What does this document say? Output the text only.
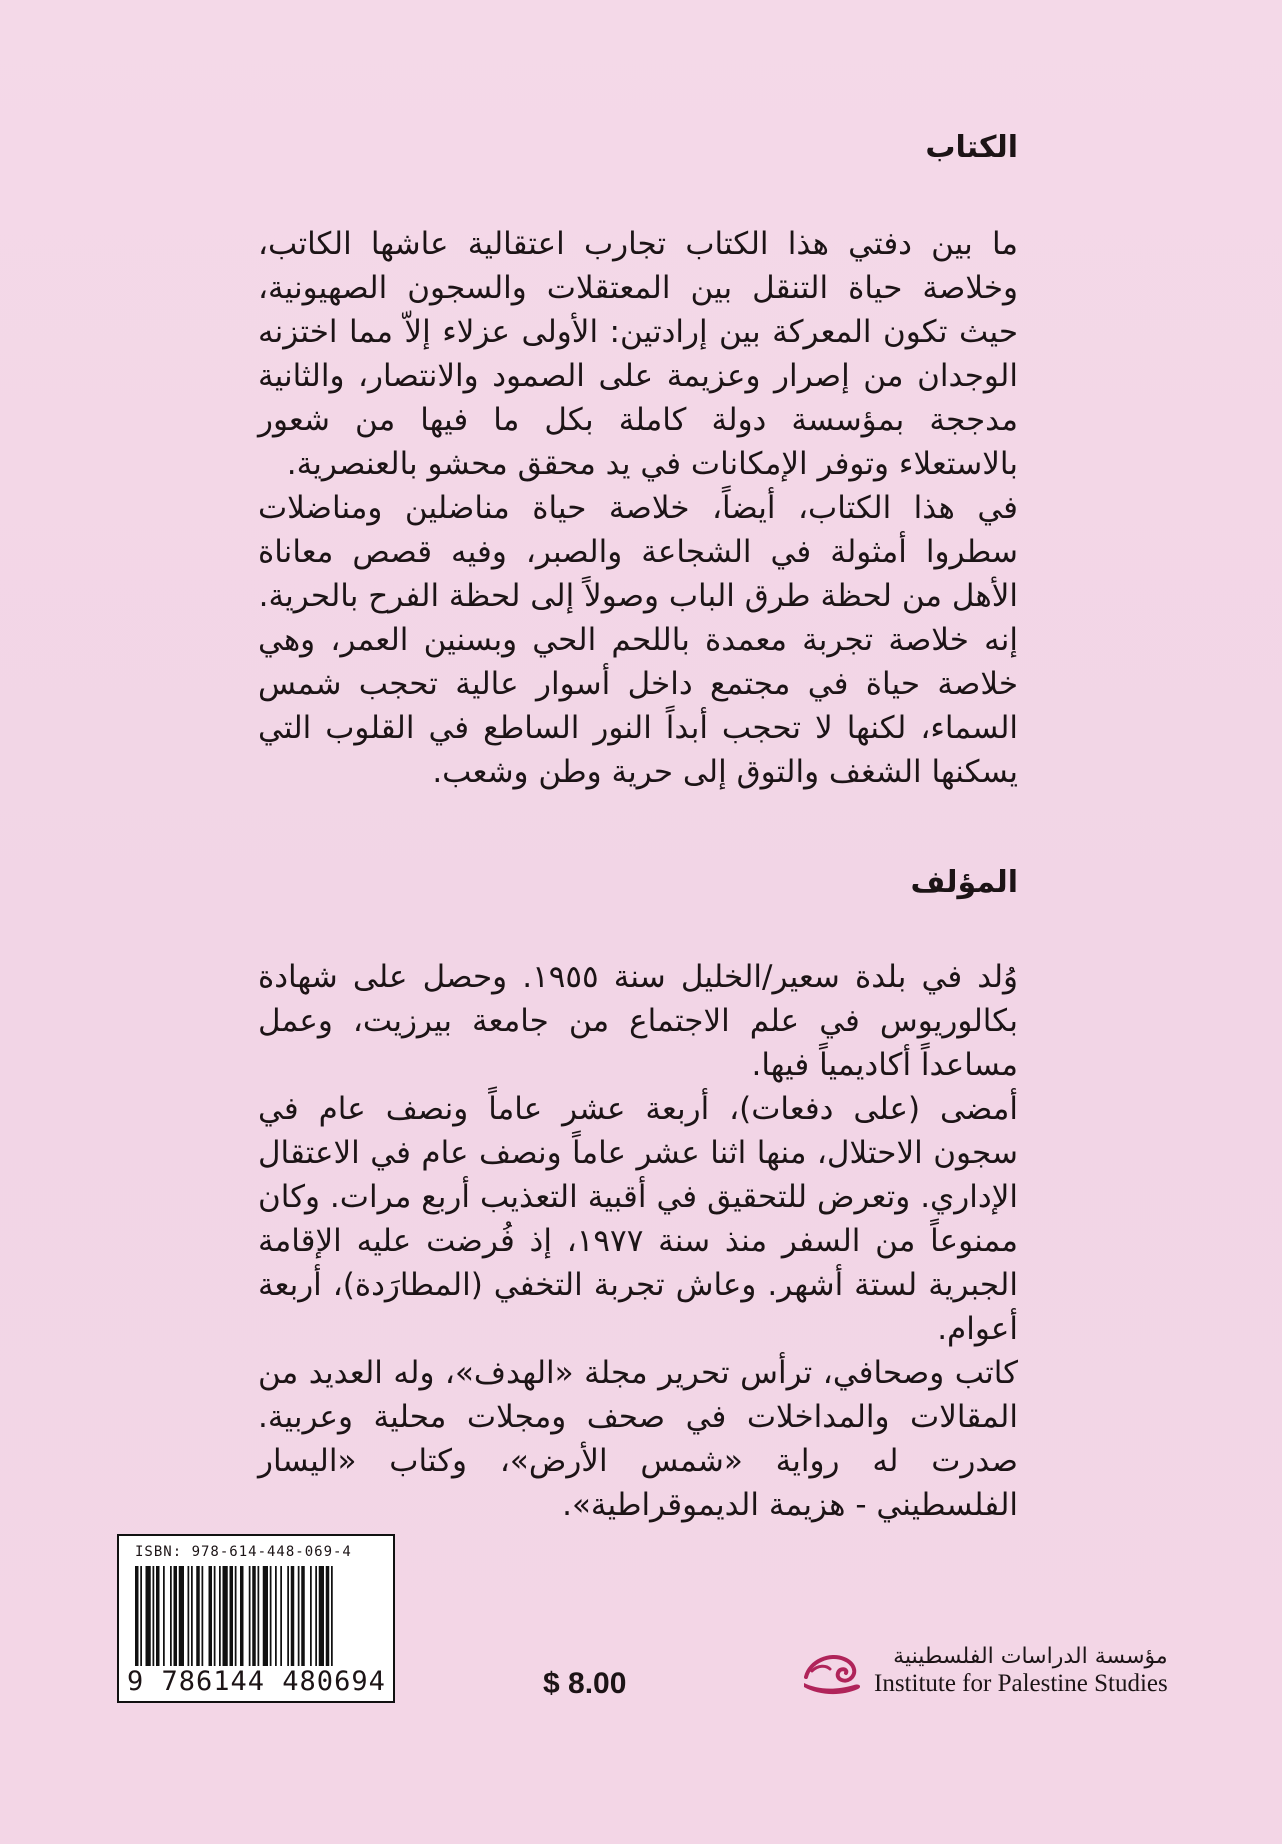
الكتاب

ما بين دفتي هذا الكتاب تجارب اعتقالية عاشها الكاتب، وخلاصة حياة التنقل بين المعتقلات والسجون الصهيونية، حيث تكون المعركة بين إرادتين: الأولى عزلاء إلاّ مما اختزنه الوجدان من إصرار وعزيمة على الصمود والانتصار، والثانية مدججة بمؤسسة دولة كاملة بكل ما فيها من شعور بالاستعلاء وتوفر الإمكانات في يد محقق محشو بالعنصرية.

في هذا الكتاب، أيضاً، خلاصة حياة مناضلين ومناضلات سطروا أمثولة في الشجاعة والصبر، وفيه قصص معاناة الأهل من لحظة طرق الباب وصولاً إلى لحظة الفرح بالحرية.

إنه خلاصة تجربة معمدة باللحم الحي وبسنين العمر، وهي خلاصة حياة في مجتمع داخل أسوار عالية تحجب شمس السماء، لكنها لا تحجب أبداً النور الساطع في القلوب التي يسكنها الشغف والتوق إلى حرية وطن وشعب.

المؤلف

وُلد في بلدة سعير/الخليل سنة ١٩٥٥. وحصل على شهادة بكالوريوس في علم الاجتماع من جامعة بيرزيت، وعمل مساعداً أكاديمياً فيها.

أمضى (على دفعات)، أربعة عشر عاماً ونصف عام في سجون الاحتلال، منها اثنا عشر عاماً ونصف عام في الاعتقال الإداري. وتعرض للتحقيق في أقبية التعذيب أربع مرات. وكان ممنوعاً من السفر منذ سنة ١٩٧٧، إذ فُرضت عليه الإقامة الجبرية لستة أشهر. وعاش تجربة التخفي (المطارَدة)، أربعة أعوام.

كاتب وصحافي، ترأس تحرير مجلة «الهدف»، وله العديد من المقالات والمداخلات في صحف ومجلات محلية وعربية. صدرت له رواية «شمس الأرض»، وكتاب «اليسار الفلسطيني - هزيمة الديموقراطية».

ISBN: 978-614-448-069-4
9 786144 480694	$ 8.00
مؤسسة الدراسات الفلسطينية
Institute for Palestine Studies
